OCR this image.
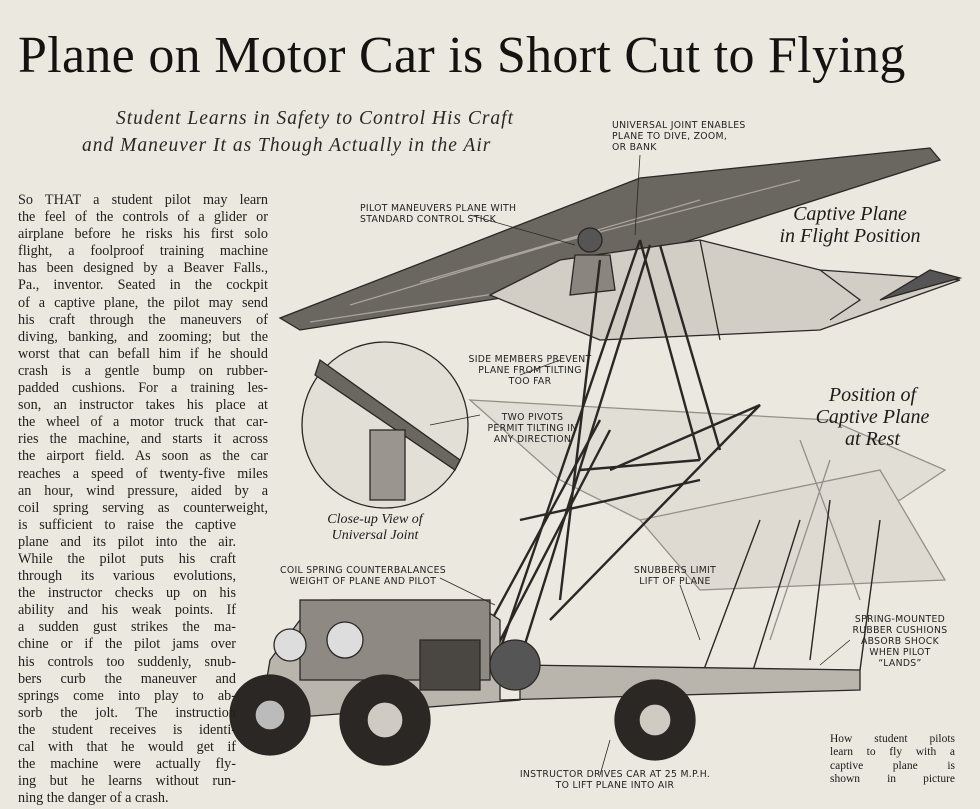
Plane on Motor Car is Short Cut to Flying
Student Learns in Safety to Control His Craft
and Maneuver It as Though Actually in the Air
So THAT a student pilot may learn
the feel of the controls of a glider or
airplane before he risks his first solo
flight, a foolproof training machine
has been designed by a Beaver Falls.,
Pa., inventor. Seated in the cockpit
of a captive plane, the pilot may send
his craft through the maneuvers of
diving, banking, and zooming; but the
worst that can befall him if he should
crash is a gentle bump on rubber-
padded cushions. For a training les-
son, an instructor takes his place at
the wheel of a motor truck that car-
ries the machine, and starts it across
the airport field. As soon as the car
reaches a speed of twenty-five miles
an hour, wind pressure, aided by a
coil spring serving as counterweight,
is sufficient to raise the captive
plane and its pilot into the air.
While the pilot puts his craft
through its various evolutions,
the instructor checks up on his
ability and his weak points. If
a sudden gust strikes the ma-
chine or if the pilot jams over
his controls too suddenly, snub-
bers curb the maneuver and
springs come into play to ab-
sorb the jolt. The instruction
the student receives is identi-
cal with that he would get if
the machine were actually fly-
ing but he learns without run-
ning the danger of a crash.
UNIVERSAL JOINT ENABLES
PLANE TO DIVE, ZOOM,
OR BANK
PILOT MANEUVERS PLANE WITH
STANDARD CONTROL STICK
SIDE MEMBERS PREVENT
PLANE FROM TILTING
TOO FAR
TWO PIVOTS
PERMIT TILTING IN
ANY DIRECTION
COIL SPRING COUNTERBALANCES
WEIGHT OF PLANE AND PILOT
SNUBBERS LIMIT
LIFT OF PLANE
SPRING-MOUNTED
RUBBER CUSHIONS
ABSORB SHOCK
WHEN PILOT
“LANDS”
INSTRUCTOR DRIVES CAR AT 25 M.P.H.
TO LIFT PLANE INTO AIR
Captive Plane
in Flight Position
Position of
Captive Plane
at Rest
Close-up View of
Universal Joint
How student pilots
learn to fly with a
captive plane is
shown in picture
